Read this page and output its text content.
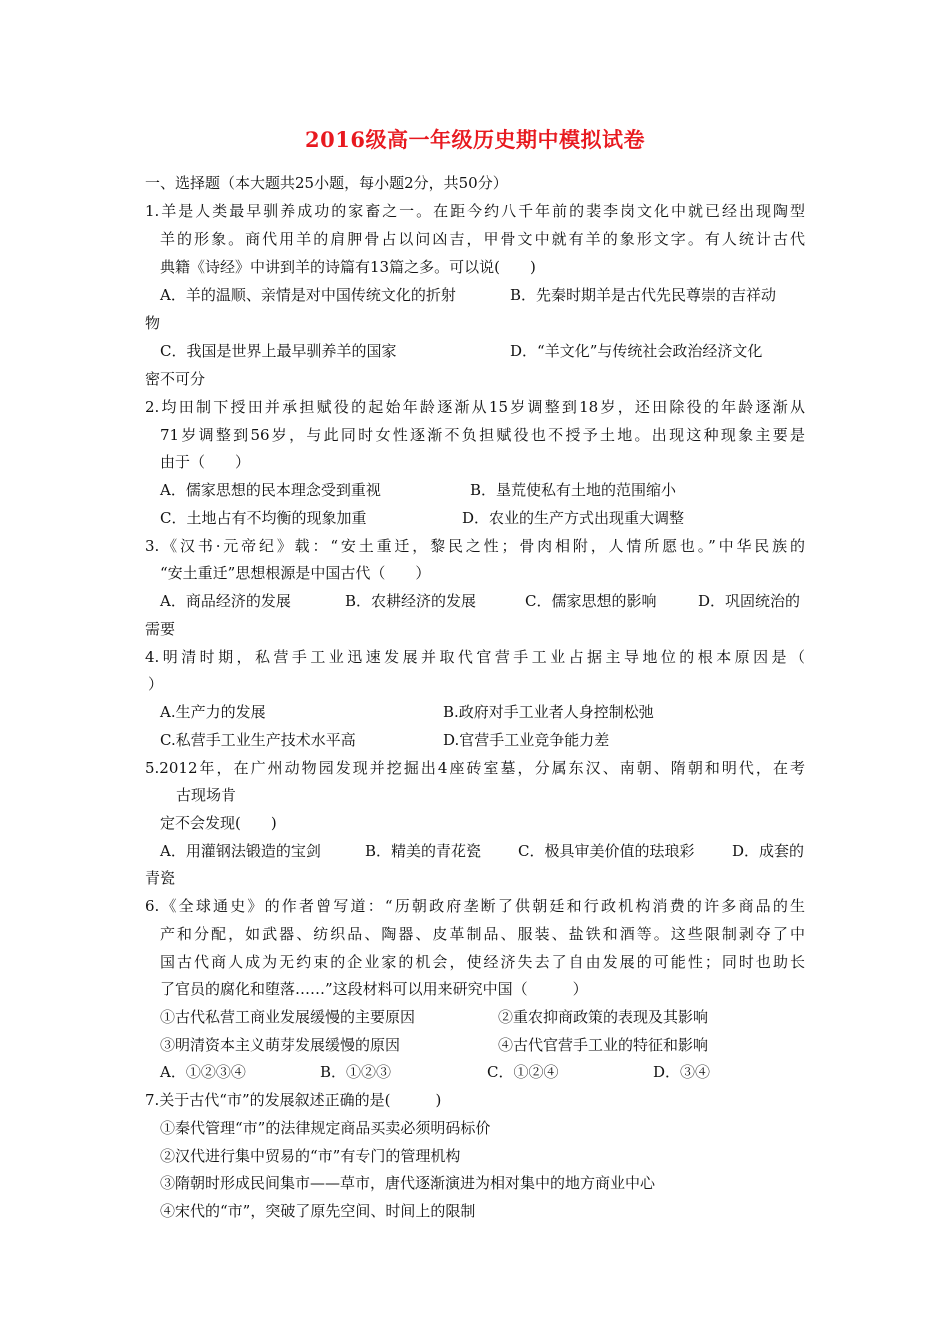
2016级高一年级历史期中模拟试卷
一、选择题（本大题共25小题，每小题2分，共50分）
1.羊是人类最早驯养成功的家畜之一。在距今约八千年前的裴李岗文化中就已经出现陶型
羊的形象。商代用羊的肩胛骨占以问凶吉，甲骨文中就有羊的象形文字。有人统计古代
典籍《诗经》中讲到羊的诗篇有13篇之多。可以说(　　)
A．羊的温顺、亲情是对中国传统文化的折射	B．先秦时期羊是古代先民尊崇的吉祥动
物
C．我国是世界上最早驯养羊的国家	D．“羊文化”与传统社会政治经济文化
密不可分
2.均田制下授田并承担赋役的起始年龄逐渐从15岁调整到18岁，还田除役的年龄逐渐从
71岁调整到56岁，与此同时女性逐渐不负担赋役也不授予土地。出现这种现象主要是
由于（　　）
A．儒家思想的民本理念受到重视	B．垦荒使私有土地的范围缩小
C．土地占有不均衡的现象加重	D．农业的生产方式出现重大调整
3.《汉书·元帝纪》载：“安土重迁，黎民之性；骨肉相附，人情所愿也。”中华民族的
“安土重迁”思想根源是中国古代（　　）
A．商品经济的发展	B．农耕经济的发展	C．儒家思想的影响	D．巩固统治的
需要
4.明清时期，私营手工业迅速发展并取代官营手工业占据主导地位的根本原因是（
）
A.生产力的发展	B.政府对手工业者人身控制松弛
C.私营手工业生产技术水平高	D.官营手工业竞争能力差
5.2012年，在广州动物园发现并挖掘出4座砖室墓，分属东汉、南朝、隋朝和明代，在考
古现场肯
定不会发现(　　)
A．用灌钢法锻造的宝剑	B．精美的青花瓷 C．极具审美价值的珐琅彩	D．成套的
青瓷
6.《全球通史》的作者曾写道：“历朝政府垄断了供朝廷和行政机构消费的许多商品的生
产和分配，如武器、纺织品、陶器、皮革制品、服装、盐铁和酒等。这些限制剥夺了中
国古代商人成为无约束的企业家的机会，使经济失去了自由发展的可能性；同时也助长
了官员的腐化和堕落……”这段材料可以用来研究中国（　　　）
①古代私营工商业发展缓慢的主要原因	②重农抑商政策的表现及其影响
③明清资本主义萌芽发展缓慢的原因	④古代官营手工业的特征和影响
A．①②③④	B．①②③	C．①②④	D．③④
7.关于古代“市”的发展叙述正确的是(　　　)
①秦代管理“市”的法律规定商品买卖必须明码标价
②汉代进行集中贸易的“市”有专门的管理机构
③隋朝时形成民间集市——草市，唐代逐渐演进为相对集中的地方商业中心
④宋代的“市”，突破了原先空间、时间上的限制
